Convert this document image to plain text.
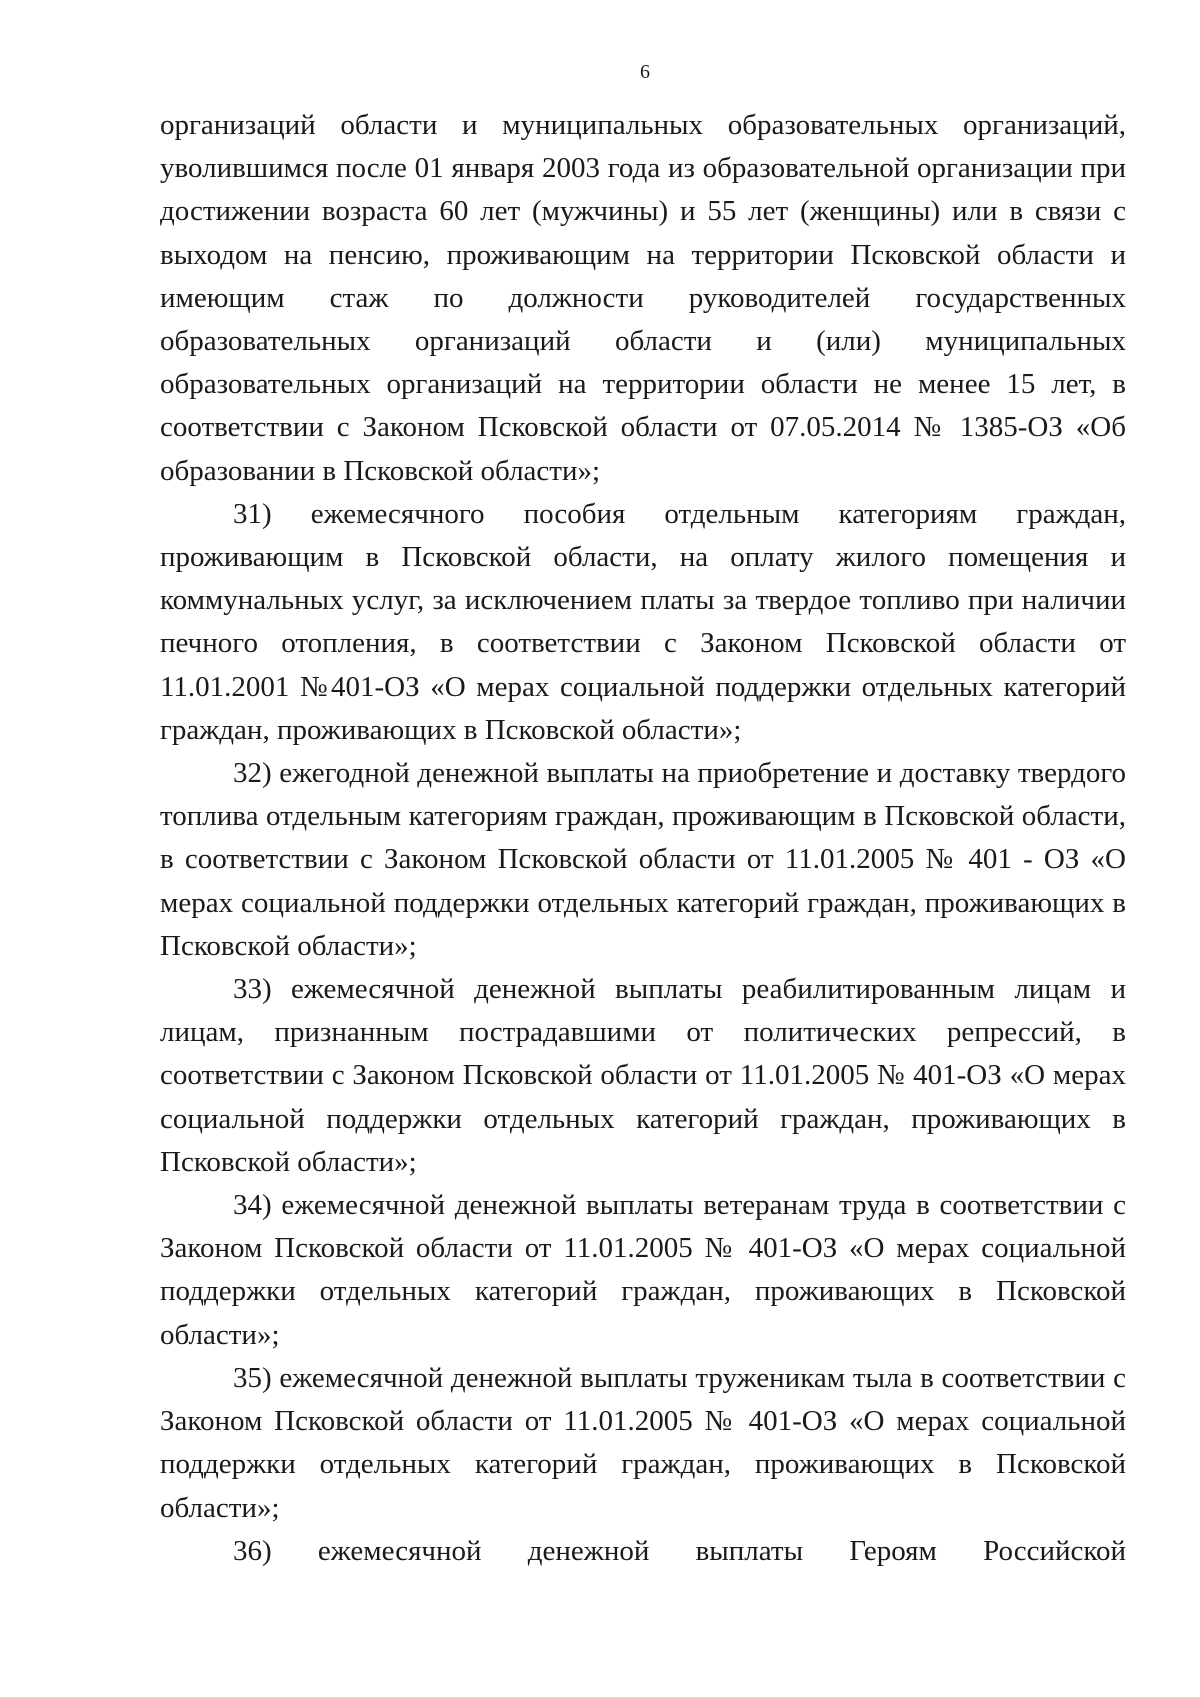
6

организаций области и муниципальных образовательных организаций, уволившимся после 01 января 2003 года из образовательной организации при достижении возраста 60 лет (мужчины) и 55 лет (женщины) или в связи с выходом на пенсию, проживающим на территории Псковской области и имеющим стаж по должности руководителей государственных образовательных организаций области и (или) муниципальных образовательных организаций на территории области не менее 15 лет, в соответствии с Законом Псковской области от 07.05.2014 № 1385-ОЗ «Об образовании в Псковской области»;

31) ежемесячного пособия отдельным категориям граждан, проживающим в Псковской области, на оплату жилого помещения и коммунальных услуг, за исключением платы за твердое топливо при наличии печного отопления, в соответствии с Законом Псковской области от 11.01.2001 №401-ОЗ «О мерах социальной поддержки отдельных категорий граждан, проживающих в Псковской области»;

32) ежегодной денежной выплаты на приобретение и доставку твердого топлива отдельным категориям граждан, проживающим в Псковской области, в соответствии с Законом Псковской области от 11.01.2005 № 401 - ОЗ «О мерах социальной поддержки отдельных категорий граждан, проживающих в Псковской области»;

33) ежемесячной денежной выплаты реабилитированным лицам и лицам, признанным пострадавшими от политических репрессий, в соответствии с Законом Псковской области от 11.01.2005 № 401-ОЗ «О мерах социальной поддержки отдельных категорий граждан, проживающих в Псковской области»;

34) ежемесячной денежной выплаты ветеранам труда в соответствии с Законом Псковской области от 11.01.2005 № 401-ОЗ «О мерах социальной поддержки отдельных категорий граждан, проживающих в Псковской области»;

35) ежемесячной денежной выплаты труженикам тыла в соответствии с Законом Псковской области от 11.01.2005 № 401-ОЗ «О мерах социальной поддержки отдельных категорий граждан, проживающих в Псковской области»;

36) ежемесячной денежной выплаты Героям Российской
